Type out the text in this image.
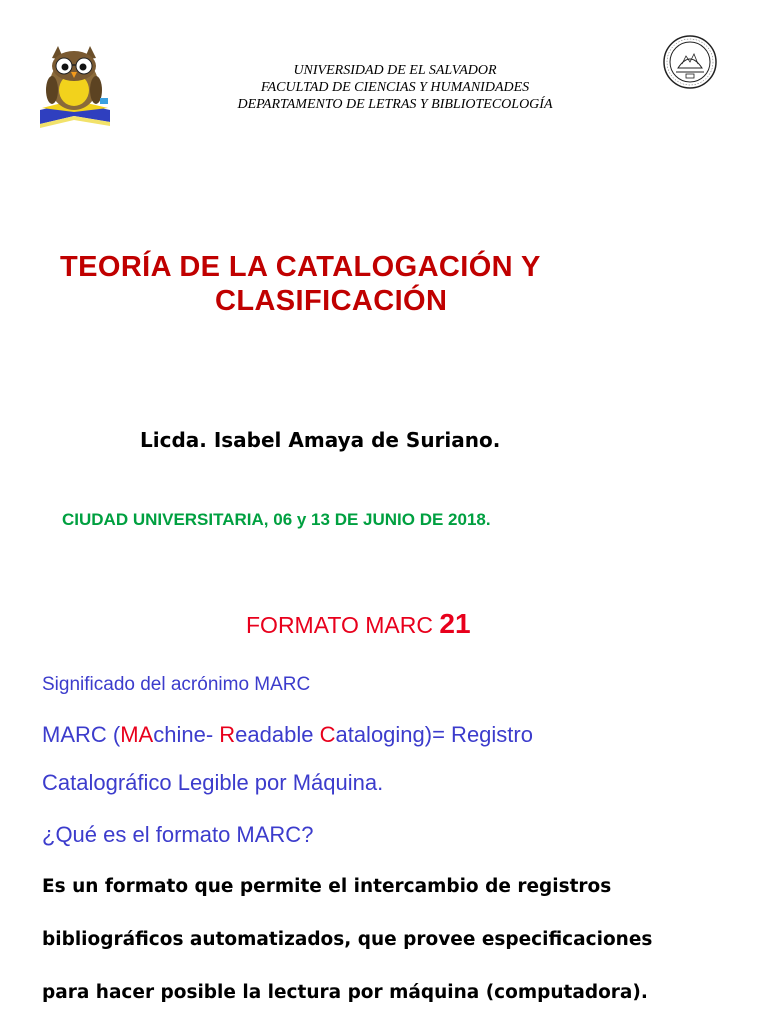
UNIVERSIDAD DE EL SALVADOR
FACULTAD DE CIENCIAS Y HUMANIDADES
DEPARTAMENTO DE LETRAS Y BIBLIOTECOLOGÍA
TEORÍA DE LA CATALOGACIÓN Y
CLASIFICACIÓN
Licda. Isabel Amaya de Suriano.
CIUDAD UNIVERSITARIA, 06 y 13 DE JUNIO DE 2018.
FORMATO MARC 21
Significado del acrónimo MARC
MARC (MAchine- Readable Cataloging)= Registro
Catalográfico Legible por Máquina.
¿Qué es el formato MARC?
Es un formato que permite el intercambio de registros
bibliográficos automatizados, que provee especificaciones
para hacer posible la lectura por máquina (computadora).
